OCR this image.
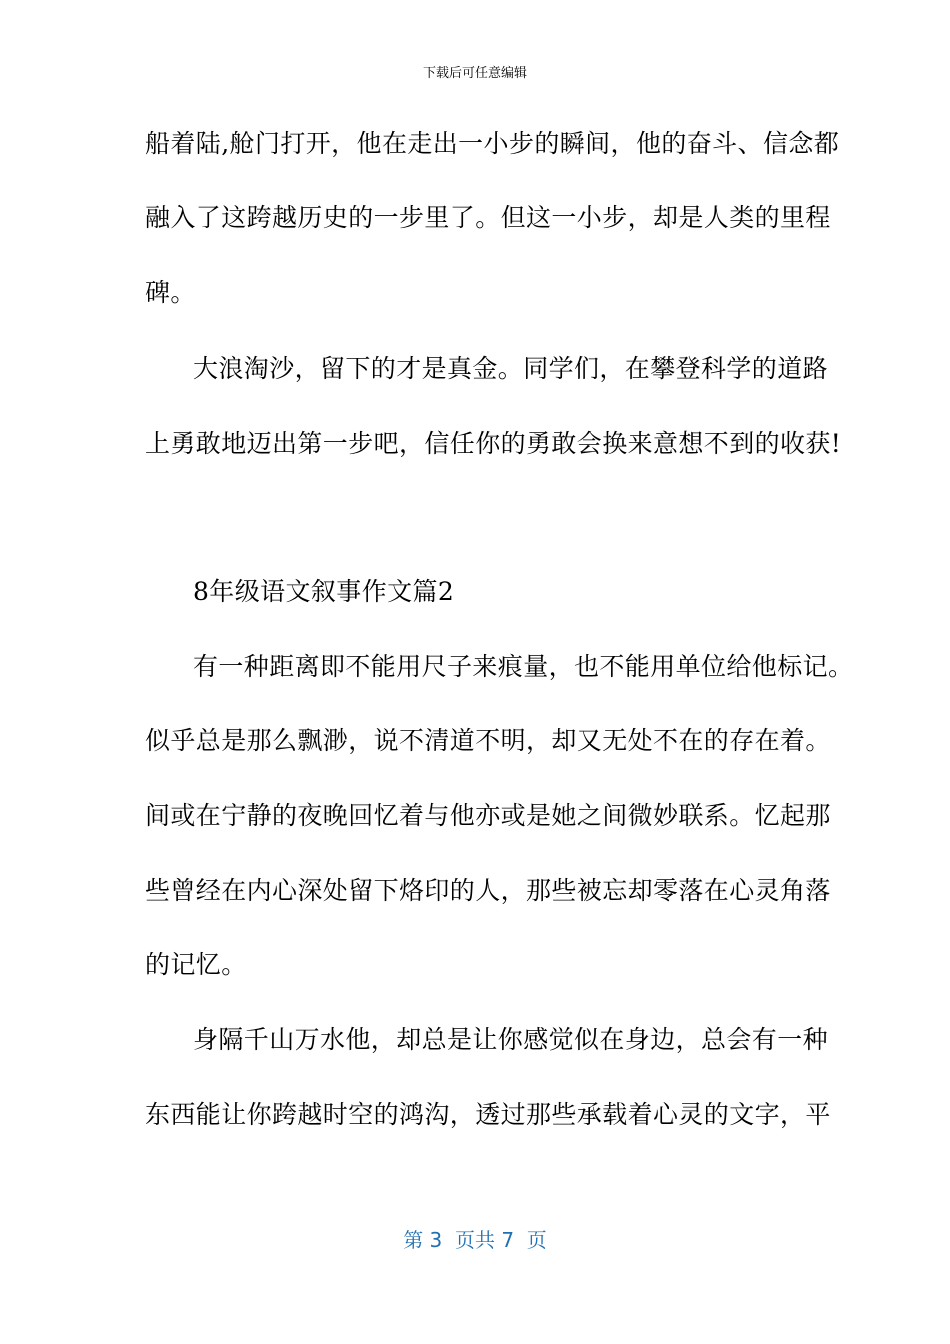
下载后可任意编辑
船着陆,舱门打开，他在走出一小步的瞬间，他的奋斗、信念都
融入了这跨越历史的一步里了。但这一小步，却是人类的里程
碑。
大浪淘沙，留下的才是真金。同学们，在攀登科学的道路
上勇敢地迈出第一步吧，信任你的勇敢会换来意想不到的收获!
8年级语文叙事作文篇2
有一种距离即不能用尺子来痕量，也不能用单位给他标记。
似乎总是那么飘渺，说不清道不明，却又无处不在的存在着。
间或在宁静的夜晚回忆着与他亦或是她之间微妙联系。忆起那
些曾经在内心深处留下烙印的人，那些被忘却零落在心灵角落
的记忆。
身隔千山万水他，却总是让你感觉似在身边，总会有一种
东西能让你跨越时空的鸿沟，透过那些承载着心灵的文字，平
第 3  页共 7  页
